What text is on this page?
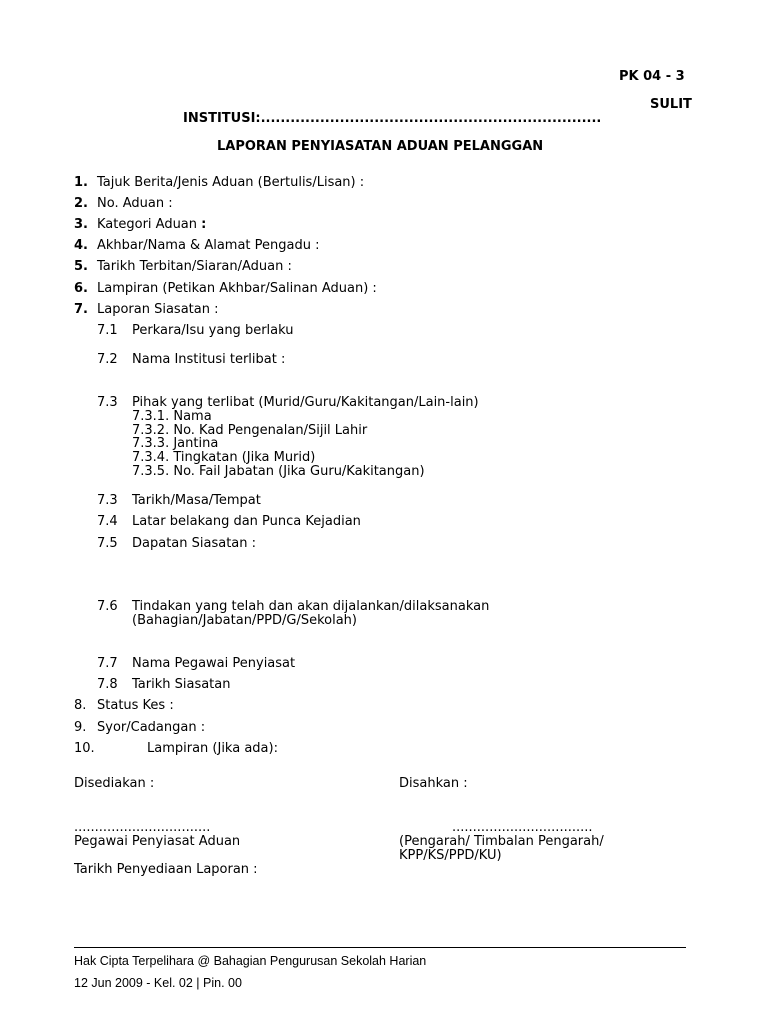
PK 04 - 3
SULIT
INSTITUSI:.....................................................................
LAPORAN PENYIASATAN ADUAN PELANGGAN
1. Tajuk Berita/Jenis Aduan (Bertulis/Lisan) :
2. No. Aduan :
3. Kategori Aduan :
4. Akhbar/Nama & Alamat Pengadu :
5. Tarikh Terbitan/Siaran/Aduan :
6. Lampiran (Petikan Akhbar/Salinan Aduan) :
7. Laporan Siasatan :
7.1 Perkara/Isu yang berlaku
7.2 Nama Institusi terlibat :
7.3 Pihak yang terlibat (Murid/Guru/Kakitangan/Lain-lain)
7.3.1. Nama
7.3.2. No. Kad Pengenalan/Sijil Lahir
7.3.3. Jantina
7.3.4. Tingkatan (Jika Murid)
7.3.5. No. Fail Jabatan (Jika Guru/Kakitangan)
7.3 Tarikh/Masa/Tempat
7.4 Latar belakang dan Punca Kejadian
7.5 Dapatan Siasatan :
7.6 Tindakan yang telah dan akan dijalankan/dilaksanakan
(Bahagian/Jabatan/PPD/G/Sekolah)
7.7 Nama Pegawai Penyiasat
7.8 Tarikh Siasatan
8. Status Kes :
9. Syor/Cadangan :
10.	Lampiran (Jika ada):
Disediakan :	Disahkan :
.................................	..................................
Pegawai Penyiasat Aduan	(Pengarah/ Timbalan Pengarah/
KPP/KS/PPD/KU)
Tarikh Penyediaan Laporan :
Hak Cipta Terpelihara @ Bahagian Pengurusan Sekolah Harian
12 Jun 2009 - Kel. 02 | Pin. 00
